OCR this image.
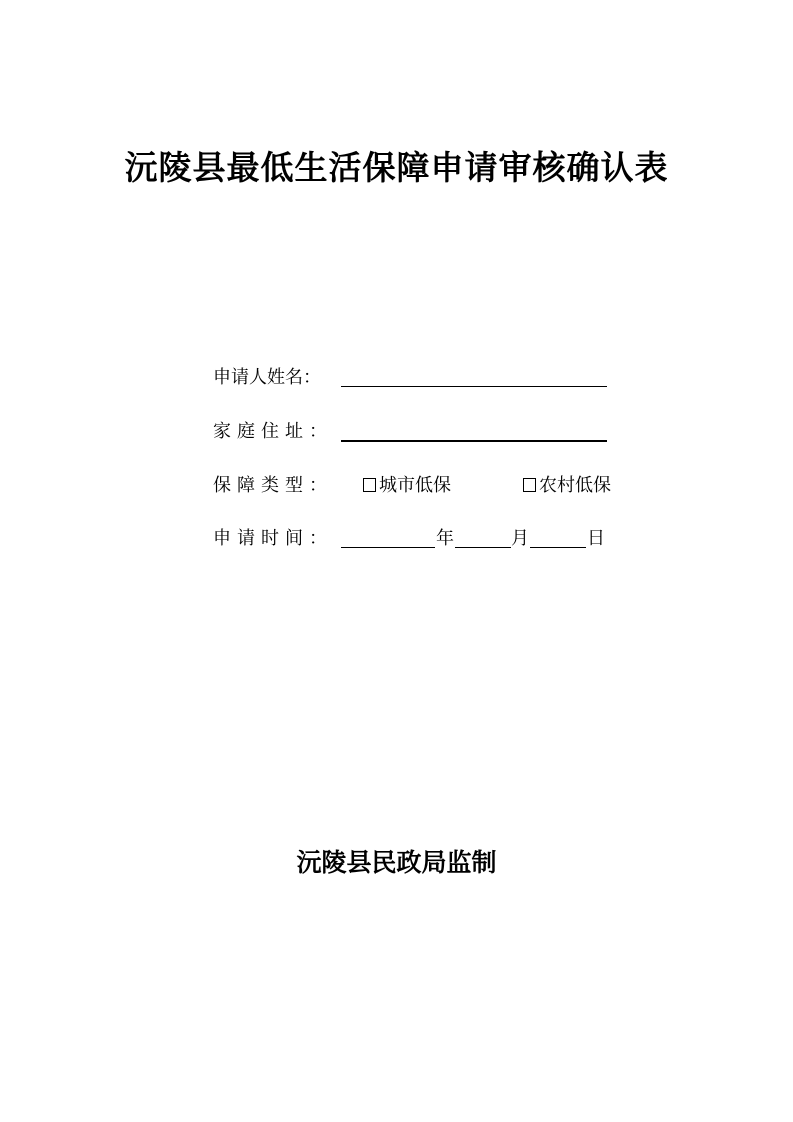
沅陵县最低生活保障申请审核确认表
申请人姓名：
家庭住址：
保障类型：	城市低保	农村低保
申请时间：	年	月	日
沅陵县民政局监制
